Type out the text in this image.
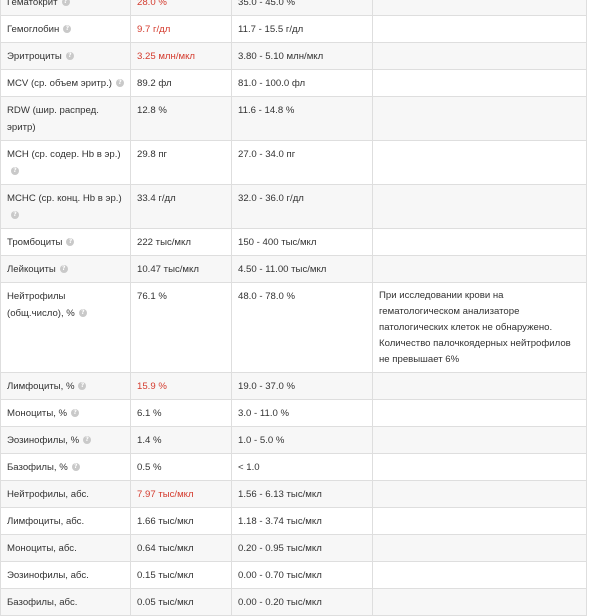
Гематокрит ?	28.0 %	35.0 - 45.0 %	
Гемоглобин ?	9.7 г/дл	11.7 - 15.5 г/дл	
Эритроциты ?	3.25 млн/мкл	3.80 - 5.10 млн/мкл	
MCV (ср. объем эритр.) ?	89.2 фл	81.0 - 100.0 фл	
RDW (шир. распред. эритр)	12.8 %	11.6 - 14.8 %	
MCH (ср. содер. Hb в эр.)?	29.8 пг	27.0 - 34.0 пг	
MCHC (ср. конц. Hb в эр.)?	33.4 г/дл	32.0 - 36.0 г/дл	
Тромбоциты ?	222 тыс/мкл	150 - 400 тыс/мкл	
Лейкоциты ?	10.47 тыс/мкл	4.50 - 11.00 тыс/мкл	
Нейтрофилы (общ.число), % ?	76.1 %	48.0 - 78.0 %	При исследовании крови на гематологическом анализаторе патологических клеток не обнаружено. Количество палочкоядерных нейтрофилов не превышает 6%

Лимфоциты, % ?	15.9 %	19.0 - 37.0 %	
Моноциты, % ?	6.1 %	3.0 - 11.0 %	
Эозинофилы, % ?	1.4 %	1.0 - 5.0 %	
Базофилы, % ?	0.5 %	< 1.0	
Нейтрофилы, абс.	7.97 тыс/мкл	1.56 - 6.13 тыс/мкл	
Лимфоциты, абс.	1.66 тыс/мкл	1.18 - 3.74 тыс/мкл	
Моноциты, абс.	0.64 тыс/мкл	0.20 - 0.95 тыс/мкл	
Эозинофилы, абс.	0.15 тыс/мкл	0.00 - 0.70 тыс/мкл	
Базофилы, абс.	0.05 тыс/мкл	0.00 - 0.20 тыс/мкл	
